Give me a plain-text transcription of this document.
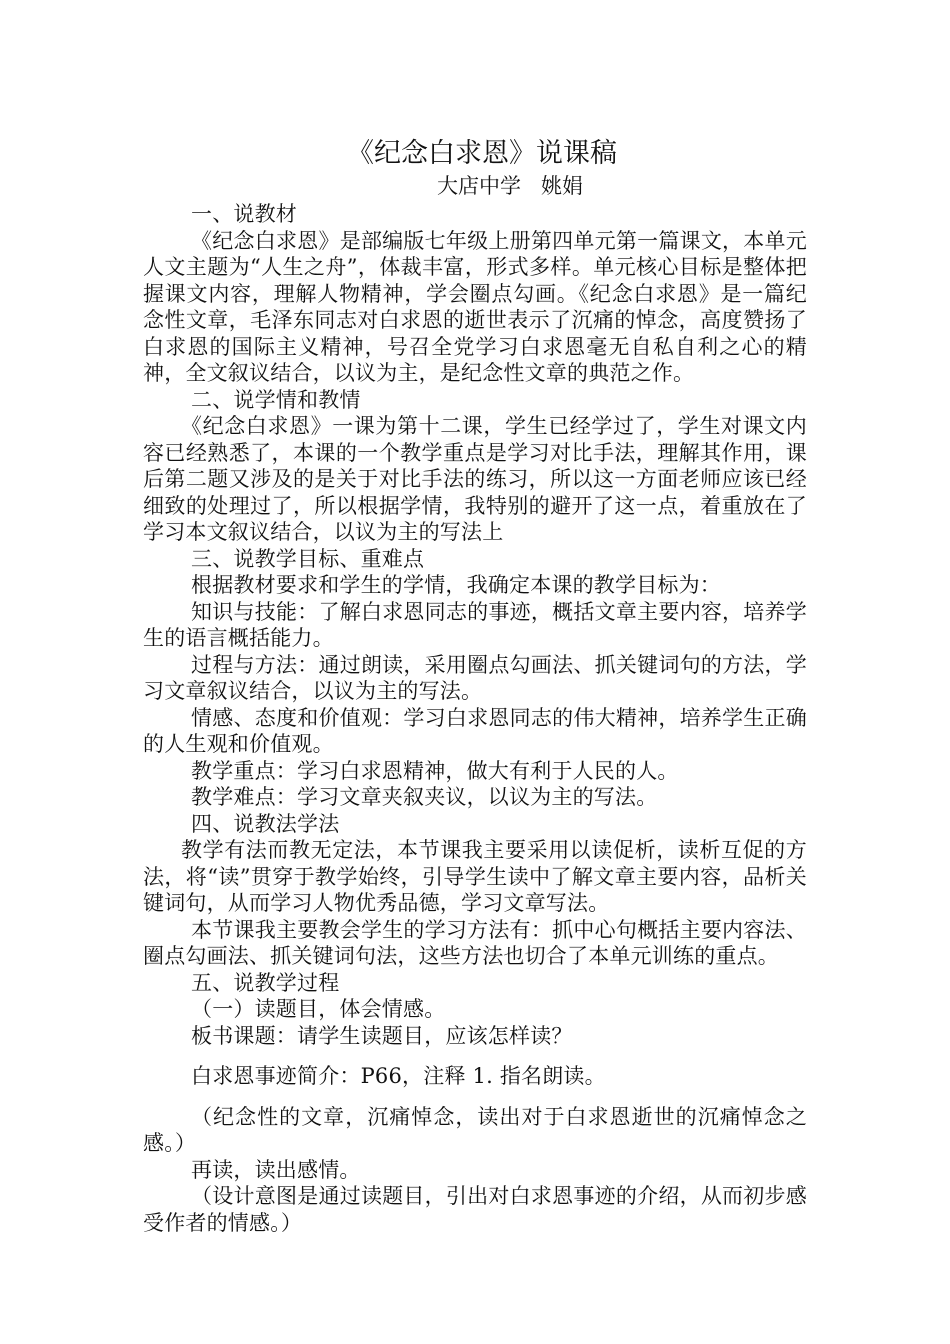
《纪念白求恩》说课稿

大店中学   姚娟

一、说教材

《纪念白求恩》是部编版七年级上册第四单元第一篇课文，本单元人文主题为“人生之舟”，体裁丰富，形式多样。单元核心目标是整体把握课文内容，理解人物精神，学会圈点勾画。《纪念白求恩》是一篇纪念性文章，毛泽东同志对白求恩的逝世表示了沉痛的悼念，高度赞扬了白求恩的国际主义精神，号召全党学习白求恩毫无自私自利之心的精神，全文叙议结合，以议为主，是纪念性文章的典范之作。

二、说学情和教情

《纪念白求恩》一课为第十二课，学生已经学过了，学生对课文内容已经熟悉了，本课的一个教学重点是学习对比手法，理解其作用，课后第二题又涉及的是关于对比手法的练习，所以这一方面老师应该已经细致的处理过了，所以根据学情，我特别的避开了这一点，着重放在了学习本文叙议结合，以议为主的写法上

三、说教学目标、重难点

根据教材要求和学生的学情，我确定本课的教学目标为：

知识与技能：了解白求恩同志的事迹，概括文章主要内容，培养学生的语言概括能力。

过程与方法：通过朗读，采用圈点勾画法、抓关键词句的方法，学习文章叙议结合，以议为主的写法。

情感、态度和价值观：学习白求恩同志的伟大精神，培养学生正确的人生观和价值观。

教学重点：学习白求恩精神，做大有利于人民的人。

教学难点：学习文章夹叙夹议，以议为主的写法。

四、说教法学法

教学有法而教无定法，本节课我主要采用以读促析，读析互促的方法，将“读”贯穿于教学始终，引导学生读中了解文章主要内容，品析关键词句，从而学习人物优秀品德，学习文章写法。

本节课我主要教会学生的学习方法有：抓中心句概括主要内容法、圈点勾画法、抓关键词句法，这些方法也切合了本单元训练的重点。

五、说教学过程

（一）读题目，体会情感。

板书课题：请学生读题目，应该怎样读？

白求恩事迹简介：P66，注释 1. 指名朗读。

（纪念性的文章，沉痛悼念，读出对于白求恩逝世的沉痛悼念之感。）

再读，读出感情。

（设计意图是通过读题目，引出对白求恩事迹的介绍，从而初步感受作者的情感。）
